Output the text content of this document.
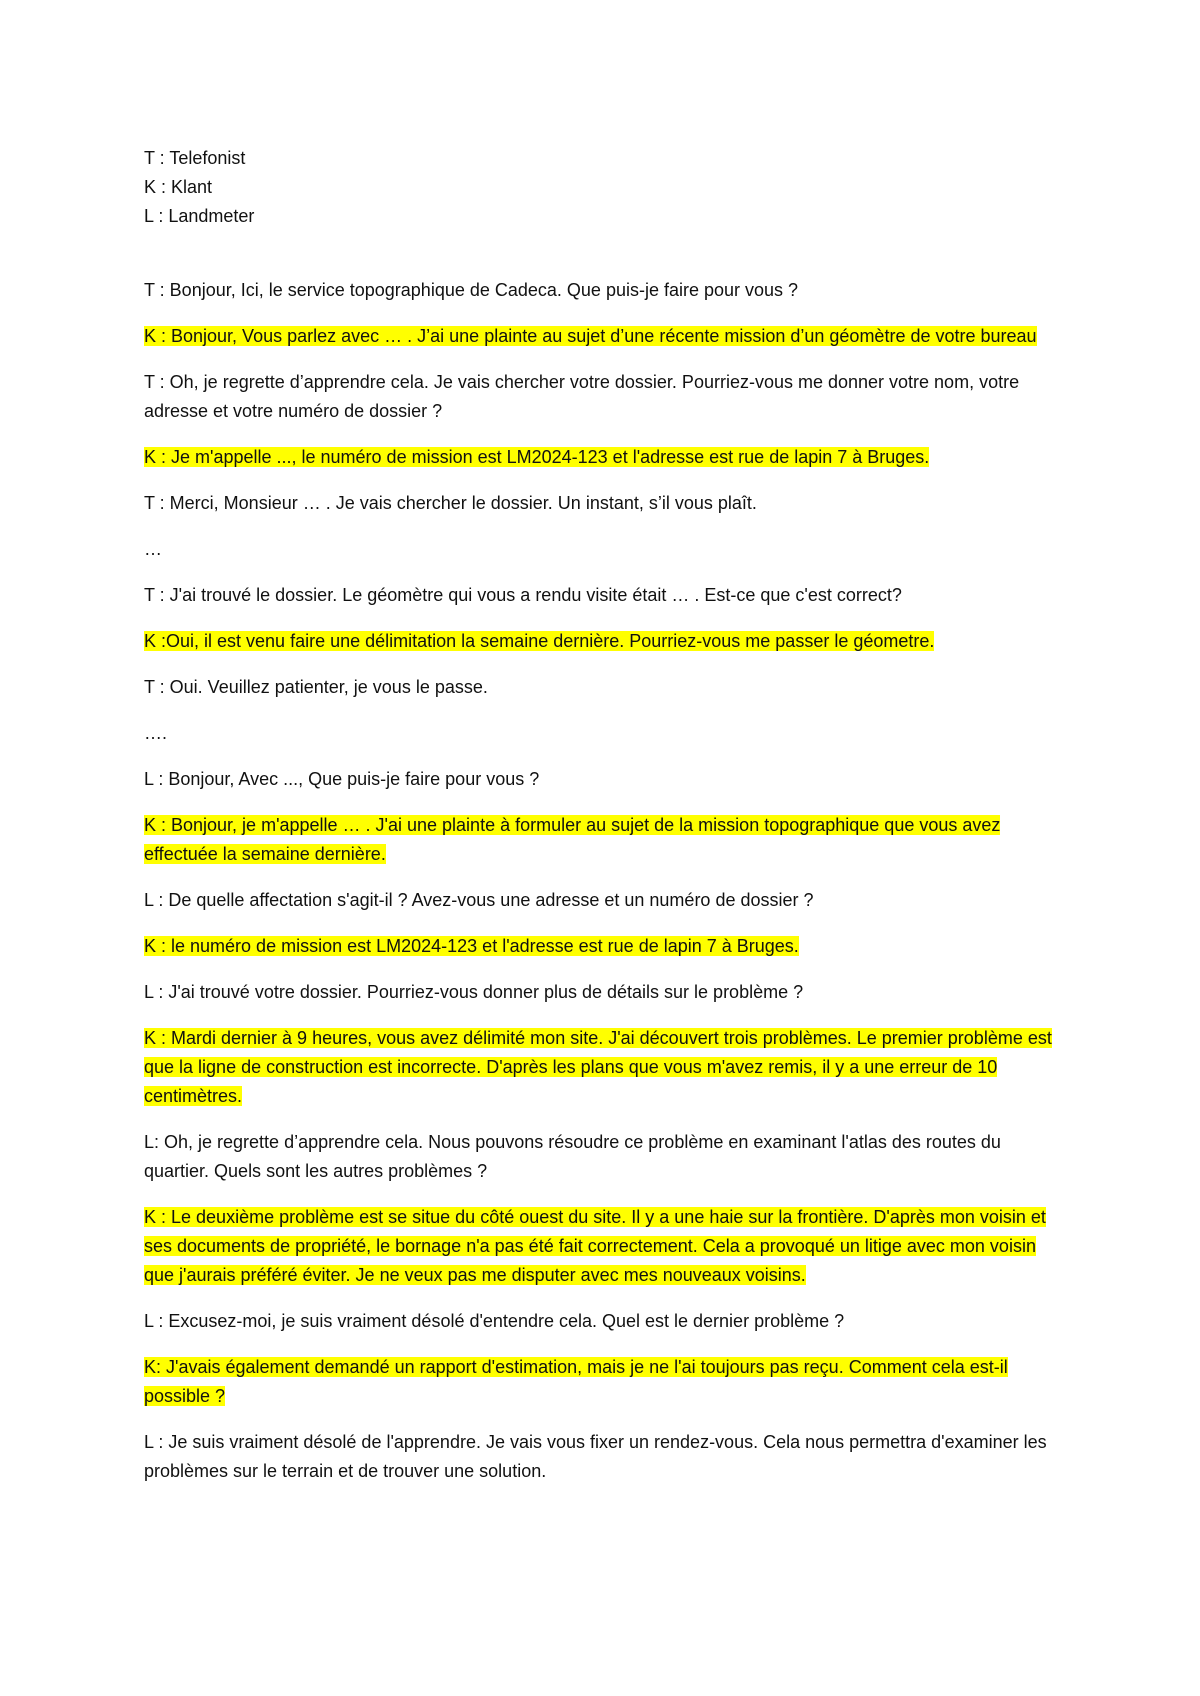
T : Telefonist
K : Klant
L : Landmeter

T : Bonjour, Ici, le service topographique de Cadeca. Que puis-je faire pour vous ?

K : Bonjour, Vous parlez avec … . J’ai une plainte au sujet d’une récente mission d’un géomètre de votre bureau

T : Oh, je regrette d’apprendre cela. Je vais chercher votre dossier. Pourriez-vous me donner votre nom, votre adresse et votre numéro de dossier ?

K : Je m'appelle ..., le numéro de mission est LM2024-123 et l'adresse est rue de lapin 7 à Bruges.

T : Merci, Monsieur … . Je vais chercher le dossier. Un instant, s’il vous plaît.

…

T : J'ai trouvé le dossier. Le géomètre qui vous a rendu visite était … . Est-ce que c'est correct?

K :Oui, il est venu faire une délimitation la semaine dernière. Pourriez-vous me passer le géometre.

T : Oui. Veuillez patienter, je vous le passe.

….

L : Bonjour, Avec ..., Que puis-je faire pour vous ?

K : Bonjour, je m'appelle … . J'ai une plainte à formuler au sujet de la mission topographique que vous avez effectuée la semaine dernière.

L : De quelle affectation s'agit-il ? Avez-vous une adresse et un numéro de dossier ?

K : le numéro de mission est LM2024-123 et l'adresse est rue de lapin 7 à Bruges.

L : J'ai trouvé votre dossier. Pourriez-vous donner plus de détails sur le problème ?

K : Mardi dernier à 9 heures, vous avez délimité mon site. J'ai découvert trois problèmes. Le premier problème est que la ligne de construction est incorrecte. D'après les plans que vous m'avez remis, il y a une erreur de 10 centimètres.

L: Oh, je regrette d’apprendre cela. Nous pouvons résoudre ce problème en examinant l'atlas des routes du quartier. Quels sont les autres problèmes ?

K : Le deuxième problème est se situe du côté ouest du site. Il y a une haie sur la frontière. D'après mon voisin et ses documents de propriété, le bornage n'a pas été fait correctement. Cela a provoqué un litige avec mon voisin que j'aurais préféré éviter. Je ne veux pas me disputer avec mes nouveaux voisins.

L : Excusez-moi, je suis vraiment désolé d'entendre cela. Quel est le dernier problème ?

K: J'avais également demandé un rapport d'estimation, mais je ne l'ai toujours pas reçu. Comment cela est-il possible ?

L : Je suis vraiment désolé de l'apprendre. Je vais vous fixer un rendez-vous. Cela nous permettra d'examiner les problèmes sur le terrain et de trouver une solution.
